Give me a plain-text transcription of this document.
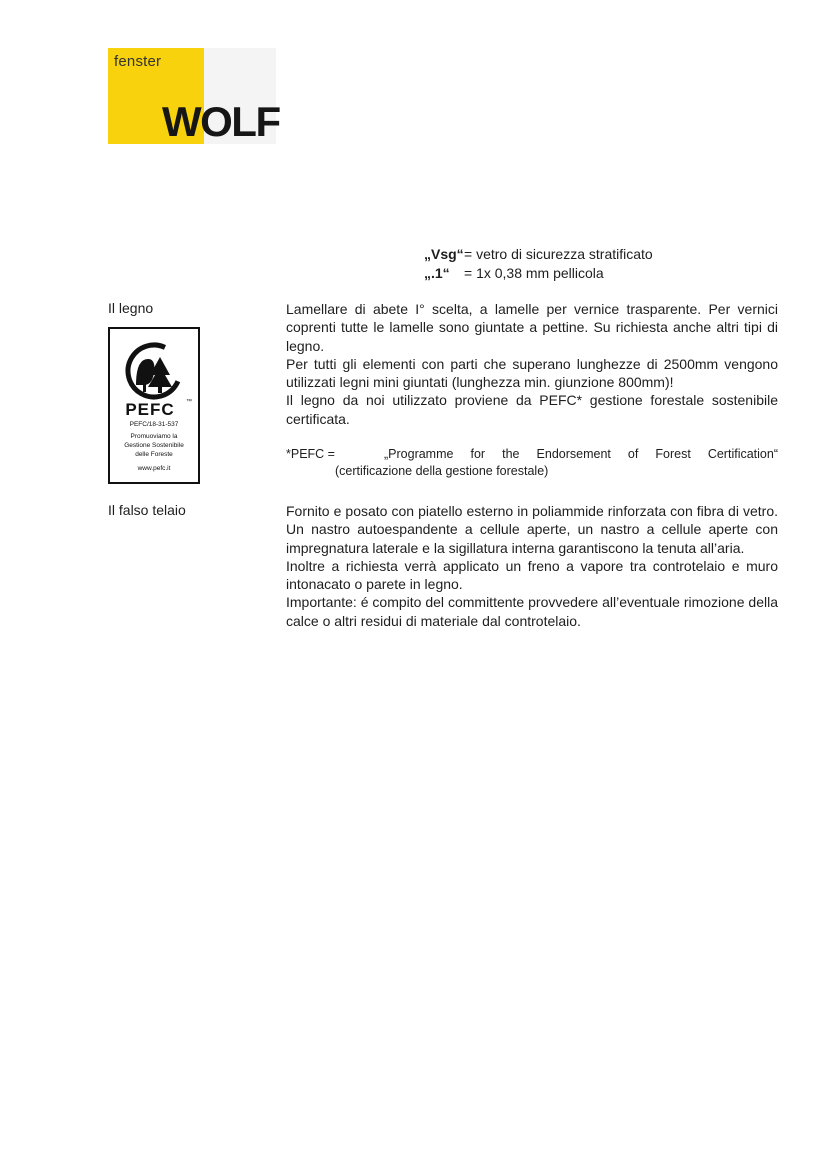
fenster
WOLF
„Vsg“ = vetro di sicurezza stratificato
„.1“	= 1x 0,38 mm pellicola
Il legno	Lamellare di abete I° scelta, a lamelle per vernice trasparente. Per vernici coprenti tutte le lamelle sono giuntate a pettine. Su richiesta anche altri tipi di legno.

Per tutti gli elementi con parti che superano lunghezze di 2500mm vengono utilizzati legni mini giuntati (lunghezza min. giunzione 800mm)!

Il legno da noi utilizzato proviene da PEFC* gestione forestale sostenibile certificata.

PEFC ™
PEFC/18-31-537
Promuoviamo la
Gestione Sostenibile
delle Foreste
www.pefc.it
*PEFC =	„Programme for the Endorsement of Forest Certification“
(certificazione della gestione forestale)
Il falso telaio	Fornito e posato con piatello esterno in poliammide rinforzata con fibra di vetro. Un nastro autoespandente a cellule aperte, un nastro a cellule aperte con impregnatura laterale e la sigillatura interna garantiscono la tenuta all’aria.

Inoltre a richiesta verrà applicato un freno a vapore tra controtelaio e muro intonacato o parete in legno.

Importante: é compito del committente provvedere all’eventuale rimozione della calce o altri residui di materiale dal controtelaio.
